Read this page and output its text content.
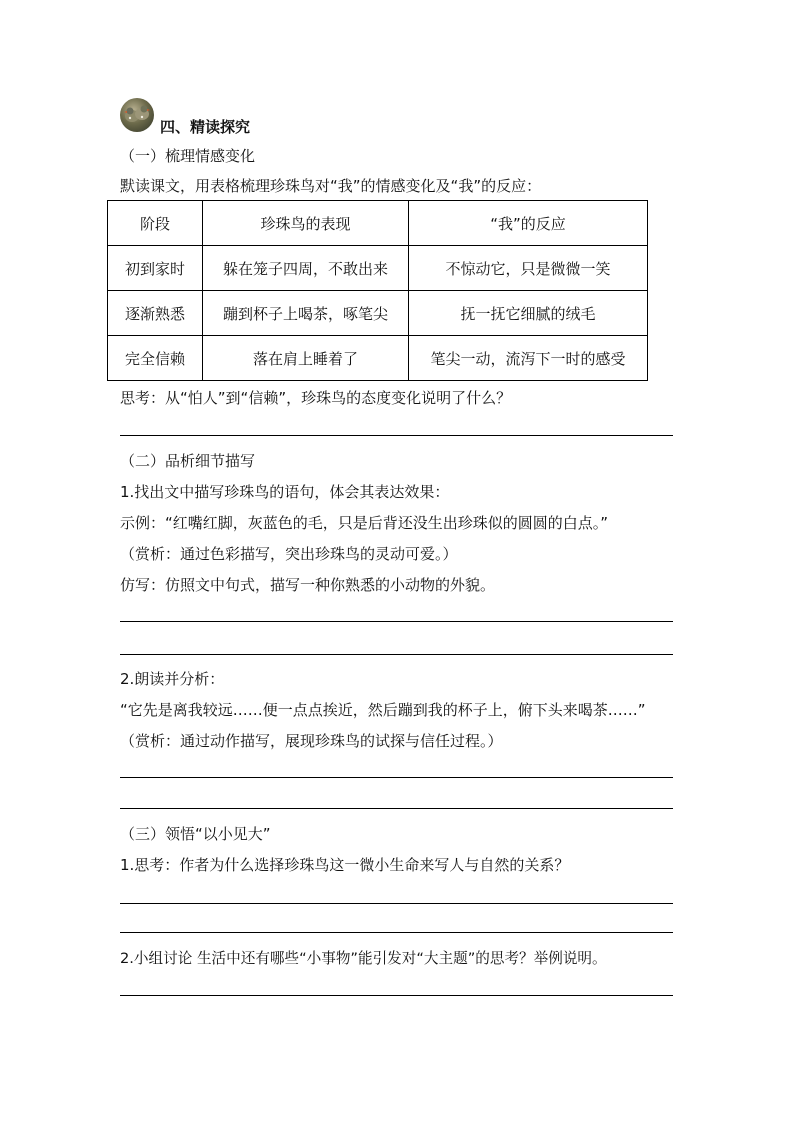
四、精读探究
（一）梳理情感变化
默读课文，用表格梳理珍珠鸟对“我”的情感变化及“我”的反应：
阶段	珍珠鸟的表现	“我”的反应
初到家时	躲在笼子四周，不敢出来	不惊动它，只是微微一笑
逐渐熟悉	蹦到杯子上喝茶，啄笔尖	抚一抚它细腻的绒毛
完全信赖	落在肩上睡着了	笔尖一动，流泻下一时的感受
思考：从“怕人”到“信赖”，珍珠鸟的态度变化说明了什么？
（二）品析细节描写
1.找出文中描写珍珠鸟的语句，体会其表达效果：
示例：“红嘴红脚，灰蓝色的毛，只是后背还没生出珍珠似的圆圆的白点。”
（赏析：通过色彩描写，突出珍珠鸟的灵动可爱。）
仿写：仿照文中句式，描写一种你熟悉的小动物的外貌。
2.朗读并分析：
“它先是离我较远……便一点点挨近，然后蹦到我的杯子上，俯下头来喝茶……”
（赏析：通过动作描写，展现珍珠鸟的试探与信任过程。）
（三）领悟“以小见大”
1.思考：作者为什么选择珍珠鸟这一微小生命来写人与自然的关系？
2.小组讨论 生活中还有哪些“小事物”能引发对“大主题”的思考？举例说明。
